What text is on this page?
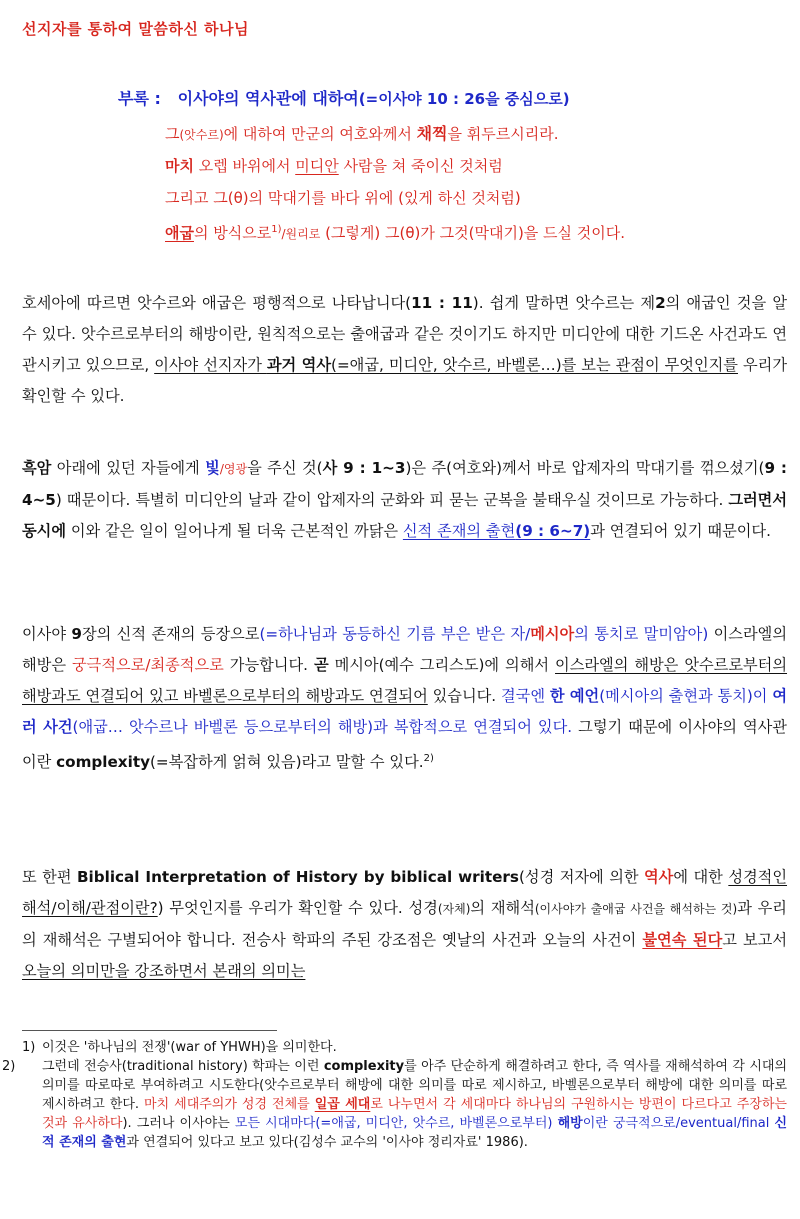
선지자를 통하여 말씀하신 하나님
부록 : 이사야의 역사관에 대하여(=이사야 10 : 26을 중심으로)
그(앗수르)에 대하여 만군의 여호와께서 채찍을 휘두르시리라.
마치 오렙 바위에서 미디안 사람을 쳐 죽이신 것처럼
그리고 그(θ)의 막대기를 바다 위에 (있게 하신 것처럼)
애굽의 방식으로$^{1)}$/원리로 (그렇게) 그(θ)가 그것(막대기)을 드실 것이다.
호세아에 따르면 앗수르와 애굽은 평행적으로 나타납니다(11 : 11). 쉽게 말하면 앗수르는 제2의 애굽인 것을 알 수 있다. 앗수르로부터의 해방이란, 원칙적으로는 출애굽과 같은 것이기도 하지만 미디안에 대한 기드온 사건과도 연관시키고 있으므로, 이사야 선지자가 과거 역사(=애굽, 미디안, 앗수르, 바벨론…)를 보는 관점이 무엇인지를 우리가 확인할 수 있다.
흑암 아래에 있던 자들에게 빛/영광을 주신 것(사 9 : 1~3)은 주(여호와)께서 바로 압제자의 막대기를 꺾으셨기(9 : 4~5) 때문이다. 특별히 미디안의 날과 같이 압제자의 군화와 피 묻는 군복을 불태우실 것이므로 가능하다. 그러면서 동시에 이와 같은 일이 일어나게 될 더욱 근본적인 까닭은 신적 존재의 출현(9 : 6~7)과 연결되어 있기 때문이다.
이사야 9장의 신적 존재의 등장으로(=하나님과 동등하신 기름 부은 받은 자/메시아의 통치로 말미암아) 이스라엘의 해방은 궁극적으로/최종적으로 가능합니다. 곧 메시아(예수 그리스도)에 의해서 이스라엘의 해방은 앗수르로부터의 해방과도 연결되어 있고 바벨론으로부터의 해방과도 연결되어 있습니다. 결국엔 한 예언(메시아의 출현과 통치)이 여러 사건(애굽… 앗수르나 바벨론 등으로부터의 해방)과 복합적으로 연결되어 있다. 그렇기 때문에 이사야의 역사관이란 complexity(=복잡하게 얽혀 있음)라고 말할 수 있다.$^{2)}$
또 한편 Biblical Interpretation of History by biblical writers(성경 저자에 의한 역사에 대한 성경적인 해석/이해/관점이란?) 무엇인지를 우리가 확인할 수 있다. 성경(자체)의 재해석(이사야가 출애굽 사건을 해석하는 것)과 우리의 재해석은 구별되어야 합니다. 전승사 학파의 주된 강조점은 옛날의 사건과 오늘의 사건이 불연속 된다고 보고서 오늘의 의미만을 강조하면서 본래의 의미는
1) 이것은 '하나님의 전쟁'(war of YHWH)을 의미한다.
2) 그런데 전승사(traditional history) 학파는 이런 complexity를 아주 단순하게 해결하려고 한다, 즉 역사를 재해석하여 각 시대의 의미를 따로따로 부여하려고 시도한다(앗수르로부터 해방에 대한 의미를 따로 제시하고, 바벨론으로부터 해방에 대한 의미를 따로 제시하려고 한다. 마치 세대주의가 성경 전체를 일곱 세대로 나누면서 각 세대마다 하나님의 구원하시는 방편이 다르다고 주장하는 것과 유사하다). 그러나 이사야는 모든 시대마다(=애굽, 미디안, 앗수르, 바벨론으로부터) 해방이란 궁극적으로/eventual/final 신적 존재의 출현과 연결되어 있다고 보고 있다(김성수 교수의 '이사야 정리자료' 1986).
